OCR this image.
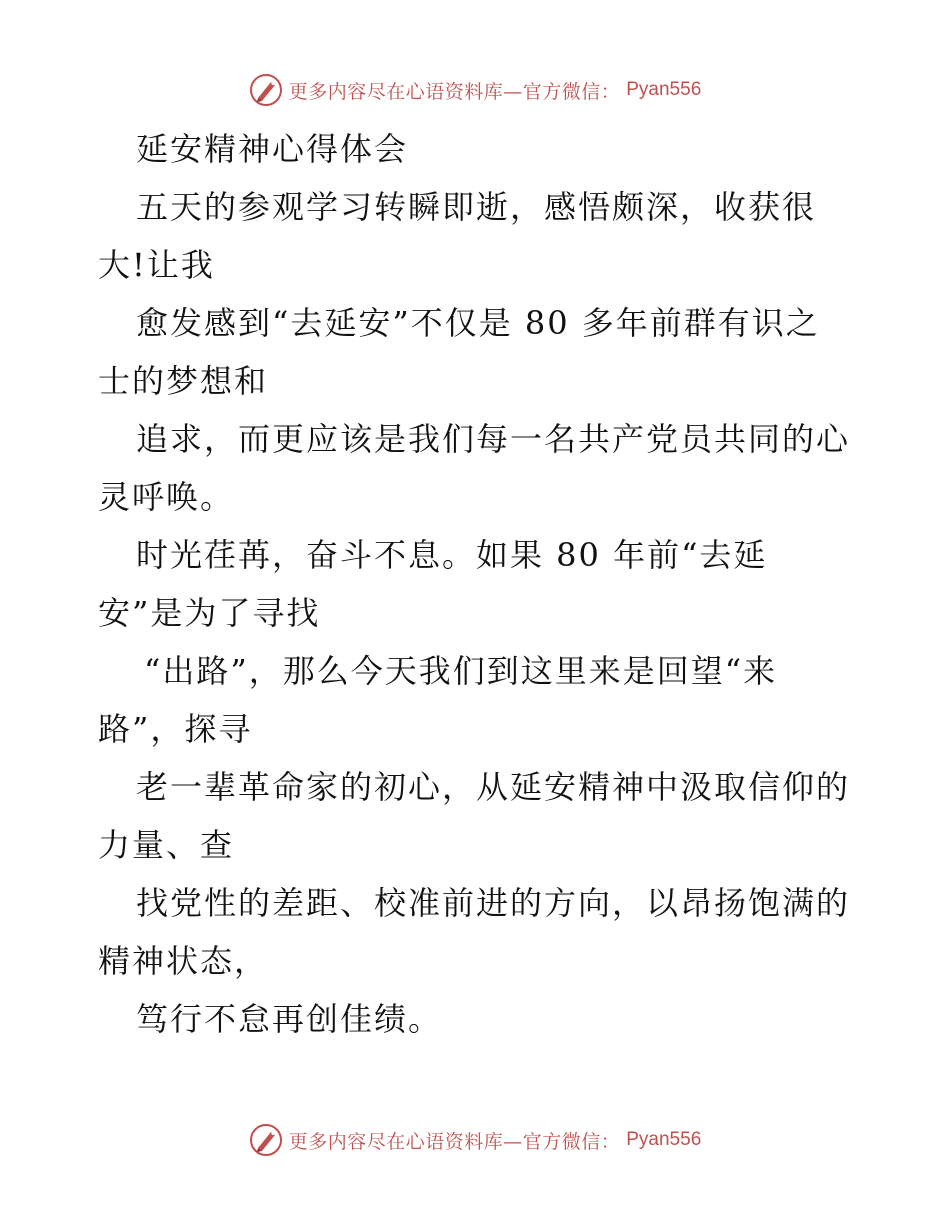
更多内容尽在心语资料库—官方微信： Pyan556
延安精神心得体会
五天的参观学习转瞬即逝，感悟颇深，收获很
大!让我
愈发感到“去延安”不仅是 80 多年前群有识之
士的梦想和
追求，而更应该是我们每一名共产党员共同的心
灵呼唤。
时光荏苒，奋斗不息。如果 80 年前“去延
安”是为了寻找
“出路”，那么今天我们到这里来是回望“来
路”，探寻
老一辈革命家的初心，从延安精神中汲取信仰的
力量、查
找党性的差距、校准前进的方向，以昂扬饱满的
精神状态，
笃行不怠再创佳绩。
更多内容尽在心语资料库—官方微信： Pyan556
